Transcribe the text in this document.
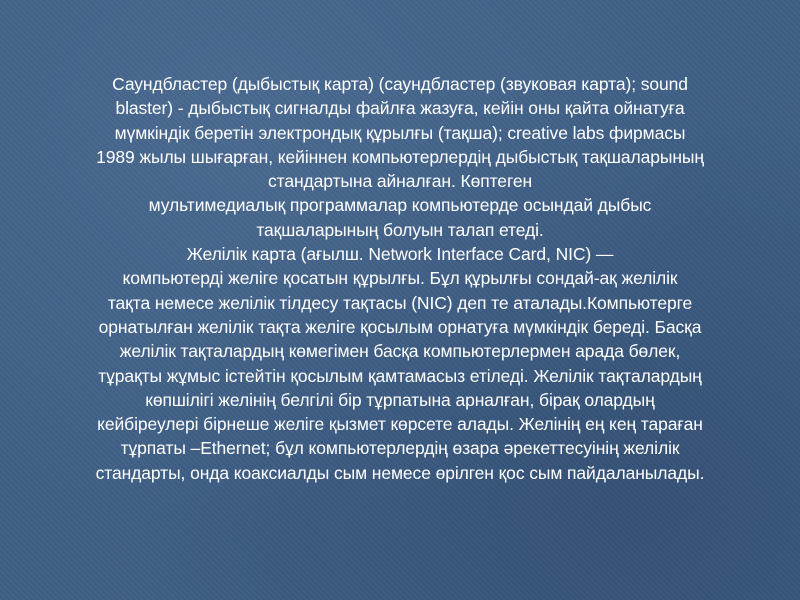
Саундбластер (дыбыстық карта) (саундбластер (звуковая карта); sound
blaster) - дыбыстық сигналды файлға жазуға, кейін оны қайта ойнатуға
мүмкіндік беретін электрондық құрылғы (тақша); creative labs фирмасы
1989 жылы шығарған, кейіннен компьютерлердің дыбыстық тақшаларының
стандартына айналған. Көптеген
мультимедиалық программалар компьютерде осындай дыбыс
тақшаларының болуын талап етеді.
Желілік карта (ағылш. Network Interface Card, NIC) —
компьютерді желіге қосатын құрылғы. Бұл құрылғы сондай-ақ желілік
тақта немесе желілік тілдесу тақтасы (NIC) деп те аталады.Компьютерге
орнатылған желілік тақта желіге қосылым орнатуға мүмкіндік береді. Басқа
желілік тақталардың көмегімен басқа компьютерлермен арада бөлек,
тұрақты жұмыс істейтін қосылым қамтамасыз етіледі. Желілік тақталардың
көпшілігі желінің белгілі бір тұрпатына арналған, бірақ олардың
кейбіреулері бірнеше желіге қызмет көрсете алады. Желінің ең кең тараған
тұрпаты –Ethernet; бұл компьютерлердің өзара әрекеттесуінің желілік
стандарты, онда коаксиалды сым немесе өрілген қос сым пайдаланылады.
